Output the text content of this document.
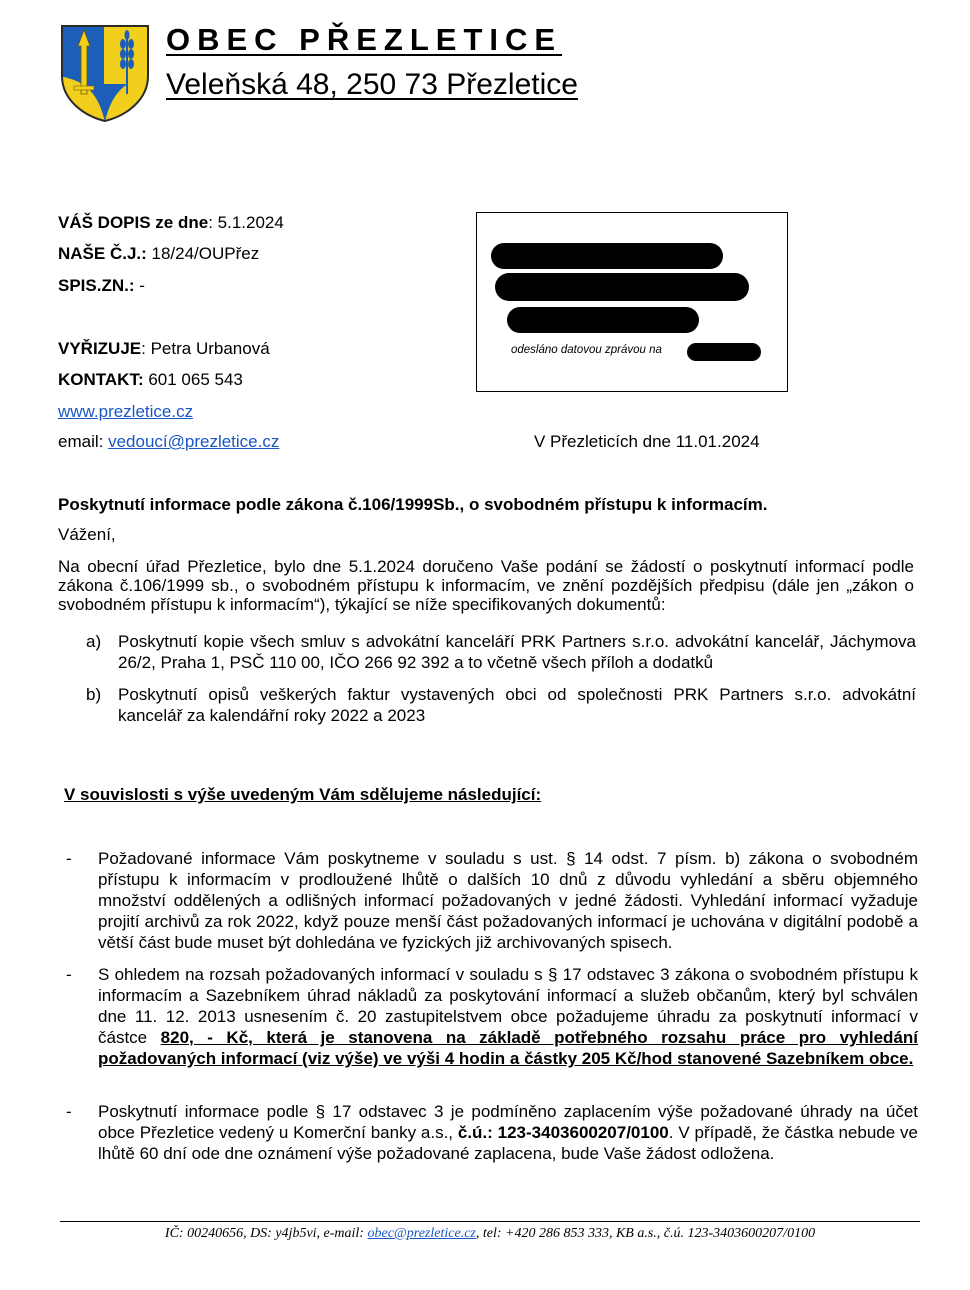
OBEC PŘEZLETICE
Veleňská 48, 250 73 Přezletice
VÁŠ DOPIS ze dne: 5.1.2024
NAŠE Č.J.: 18/24/OUPřez
SPIS.ZN.: -
VYŘIZUJE: Petra Urbanová
KONTAKT: 601 065 543
www.prezletice.cz
email: vedoucí@prezletice.cz
odesláno datovou zprávou na
V Přezleticích dne 11.01.2024
Poskytnutí informace podle zákona č.106/1999Sb., o svobodném přístupu k informacím.
Vážení,
Na obecní úřad Přezletice, bylo dne 5.1.2024 doručeno Vaše podání se žádostí o poskytnutí informací podle zákona č.106/1999 sb., o svobodném přístupu k informacím, ve znění pozdějších předpisu (dále jen „zákon o svobodném přístupu k informacím“), týkající se níže specifikovaných dokumentů:
a) Poskytnutí kopie všech smluv s advokátní kanceláří PRK Partners s.r.o. advokátní kancelář, Jáchymova 26/2, Praha 1, PSČ 110 00, IČO 266 92 392 a to včetně všech příloh a dodatků
b) Poskytnutí opisů veškerých faktur vystavených obci od společnosti PRK Partners s.r.o. advokátní kancelář za kalendářní roky 2022 a 2023
V souvislosti s výše uvedeným Vám sdělujeme následující:
- Požadované informace Vám poskytneme v souladu s ust. § 14 odst. 7 písm. b) zákona o svobodném přístupu k informacím v prodloužené lhůtě o dalších 10 dnů z důvodu vyhledání a sběru objemného množství oddělených a odlišných informací požadovaných v jedné žádosti. Vyhledání informací vyžaduje projití archivů za rok 2022, když pouze menší část požadovaných informací je uchována v digitální podobě a větší část bude muset být dohledána ve fyzických již archivovaných spisech.
- S ohledem na rozsah požadovaných informací v souladu s § 17 odstavec 3 zákona o svobodném přístupu k informacím a Sazebníkem úhrad nákladů za poskytování informací a služeb občanům, který byl schválen dne 11. 12. 2013 usnesením č. 20 zastupitelstvem obce požadujeme úhradu za poskytnutí informací v částce 820, - Kč, která je stanovena na základě potřebného rozsahu práce pro vyhledání požadovaných informací (viz výše) ve výši 4 hodin a částky 205 Kč/hod stanovené Sazebníkem obce.
- Poskytnutí informace podle § 17 odstavec 3 je podmíněno zaplacením výše požadované úhrady na účet obce Přezletice vedený u Komerční banky a.s., č.ú.: 123-3403600207/0100. V případě, že částka nebude ve lhůtě 60 dní ode dne oznámení výše požadované zaplacena, bude Vaše žádost odložena.
IČ: 00240656, DS: y4jb5vi, e-mail: obec@prezletice.cz, tel: +420 286 853 333, KB a.s., č.ú. 123-3403600207/0100
